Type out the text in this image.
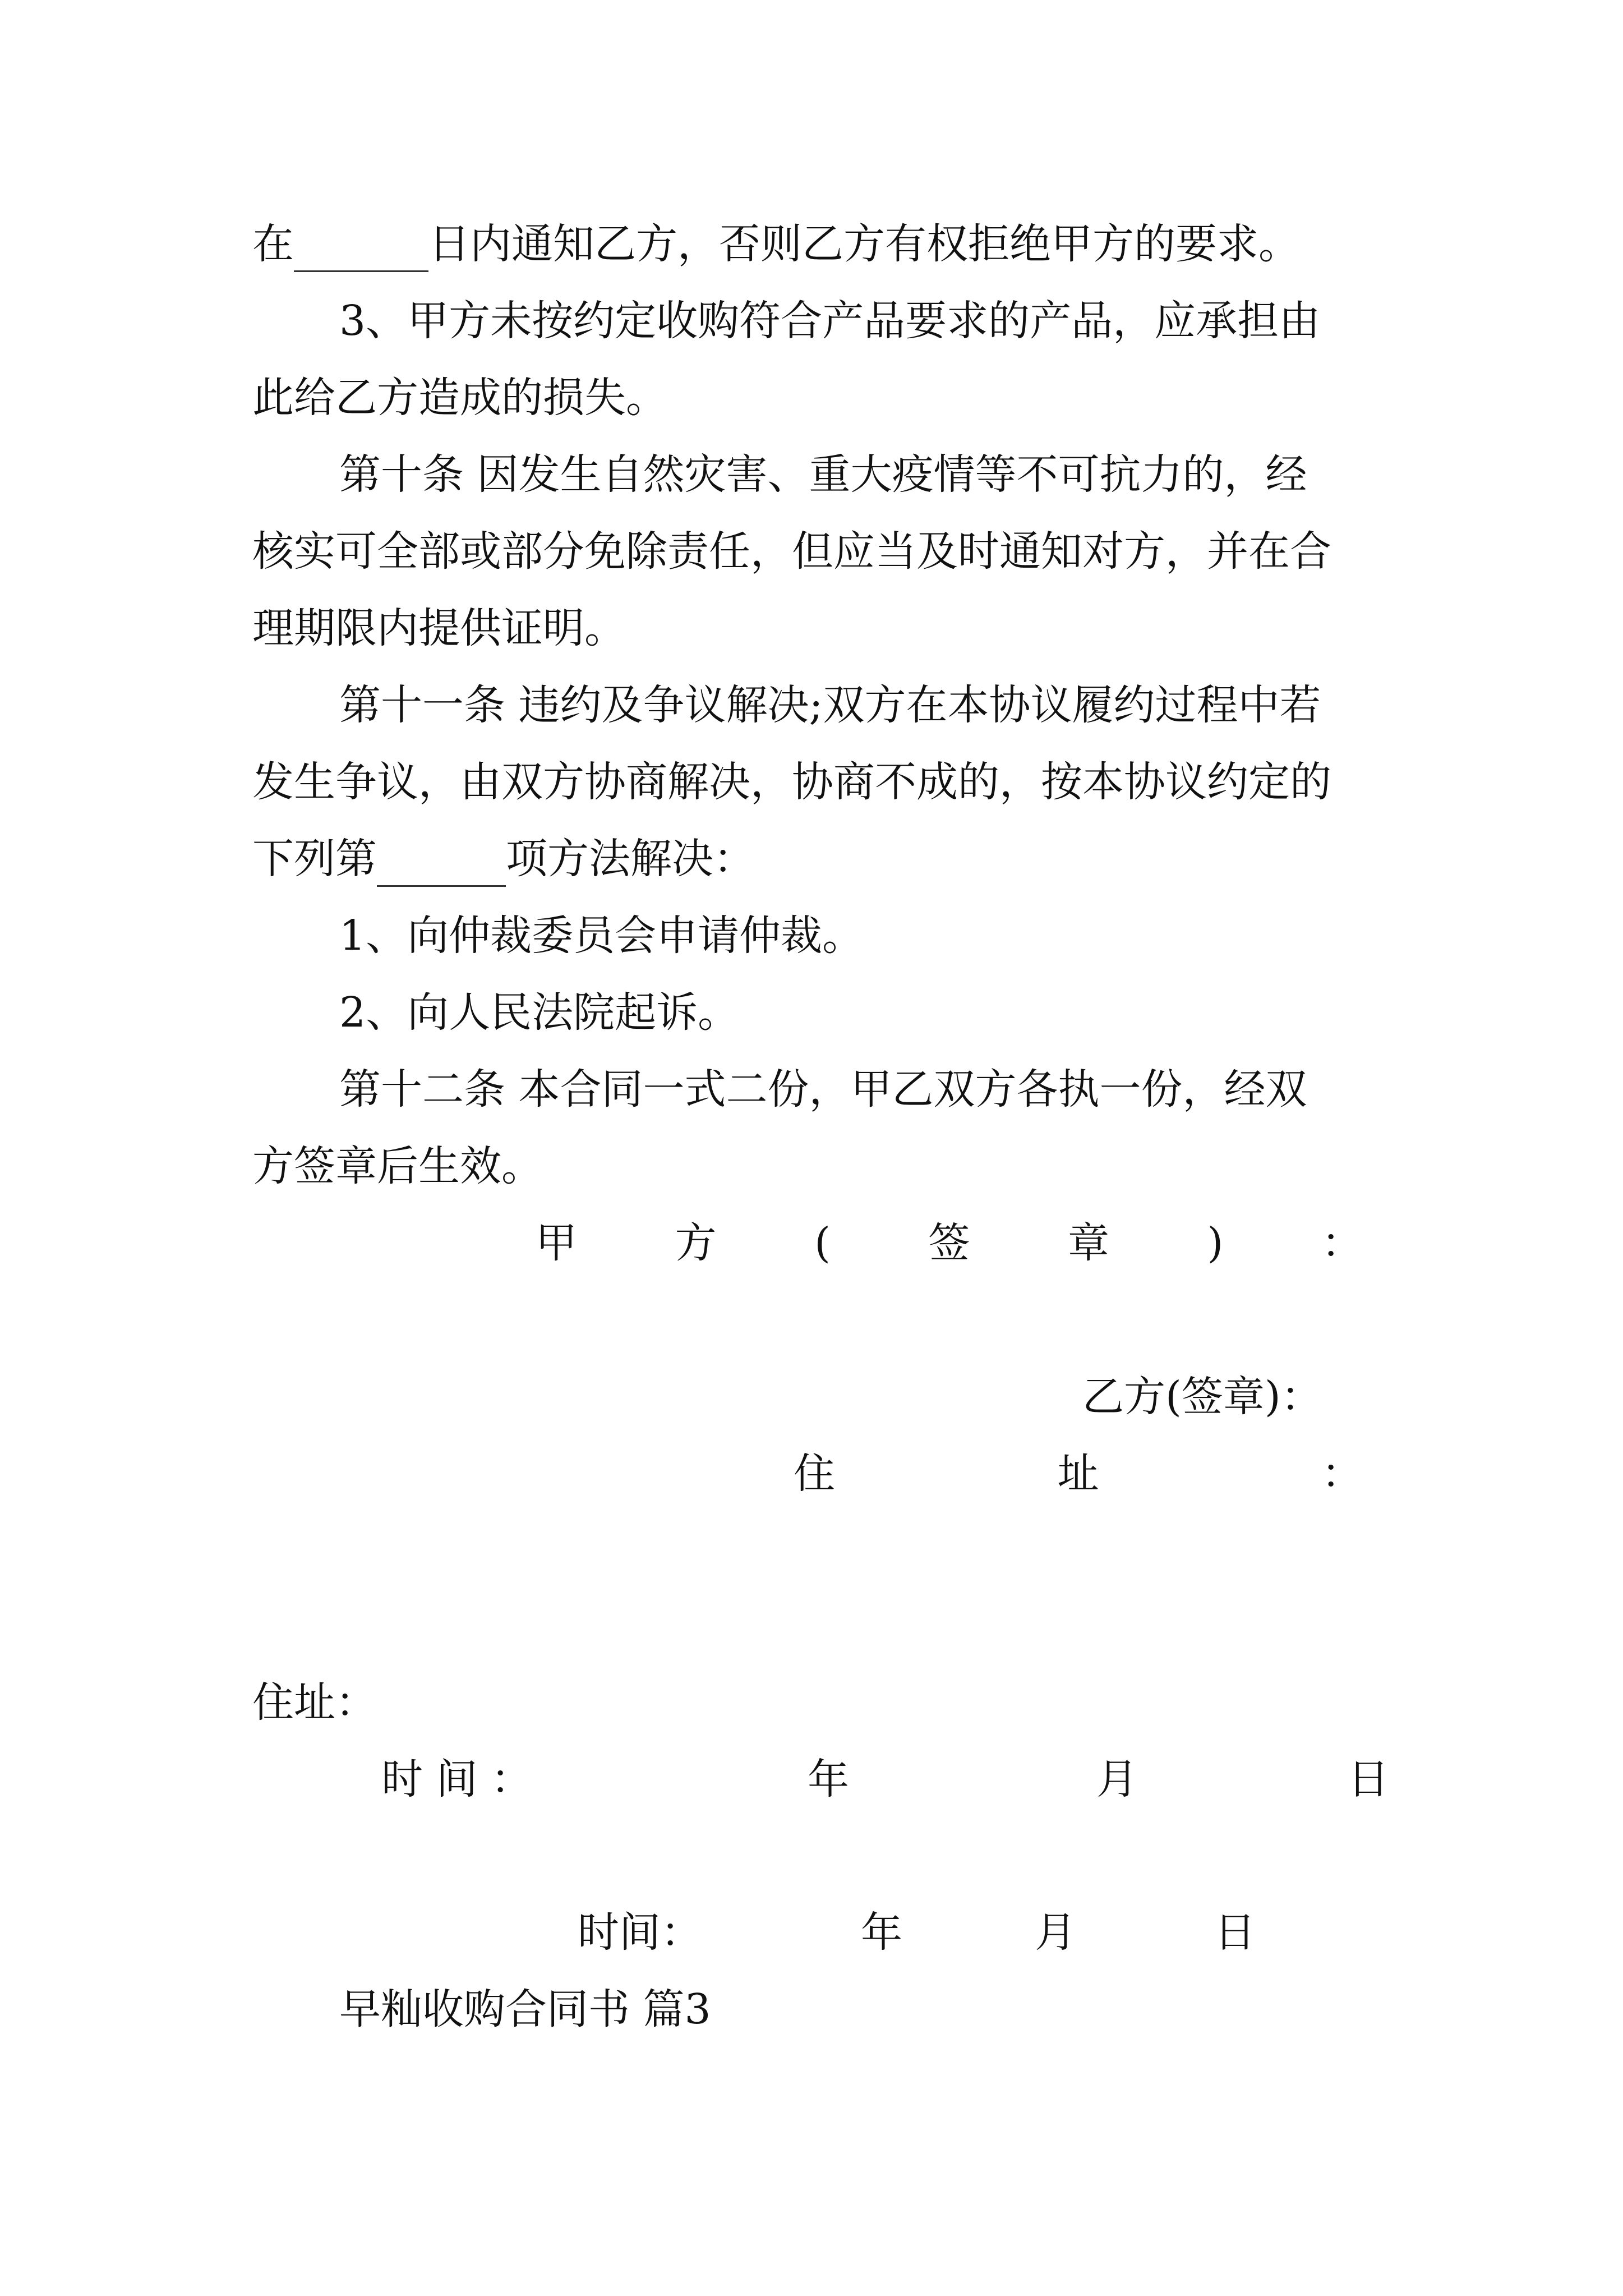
在	日内通知乙方，否则乙方有权拒绝甲方的要求。
3、甲方未按约定收购符合产品要求的产品，应承担由
此给乙方造成的损失。
第十条 因发生自然灾害、重大疫情等不可抗力的，经
核实可全部或部分免除责任，但应当及时通知对方，并在合
理期限内提供证明。
第十一条 违约及争议解决;双方在本协议履约过程中若
发生争议，由双方协商解决，协商不成的，按本协议约定的
下列第	项方法解决：
1、向仲裁委员会申请仲裁。
2、向人民法院起诉。
第十二条 本合同一式二份，甲乙双方各执一份，经双
方签章后生效。
甲 方 ( 签 章 ) ：
乙方(签章)：
住	址	：
住址：
时 间 ：	年	月	日
时间：	年	月	日
早籼收购合同书 篇3
